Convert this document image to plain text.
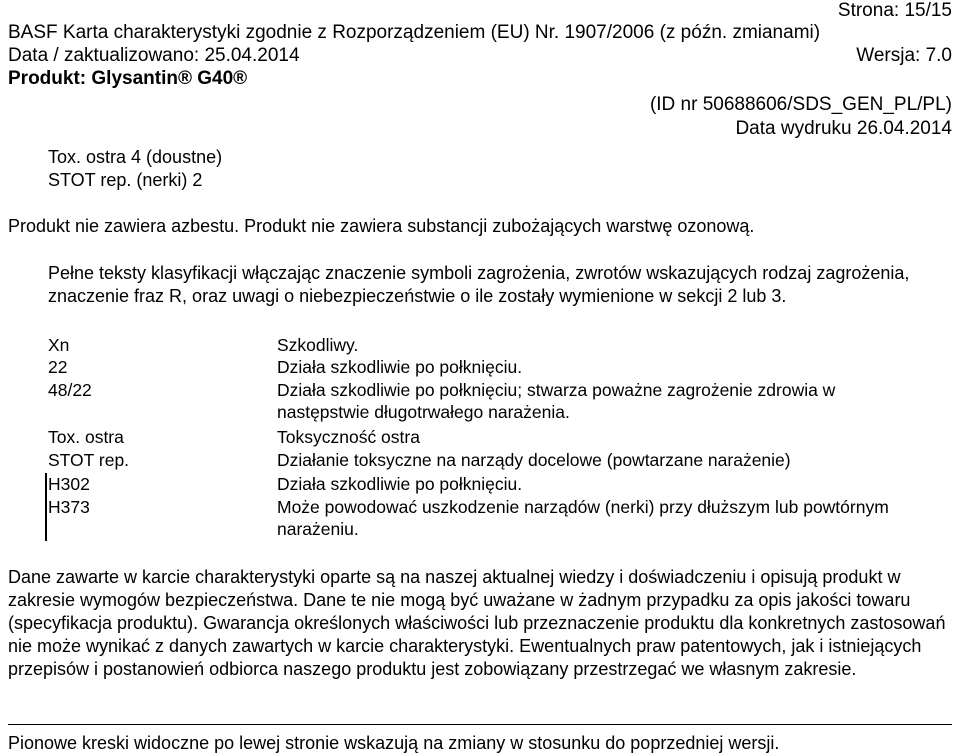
Strona: 15/15
BASF Karta charakterystyki zgodnie z Rozporządzeniem (EU) Nr. 1907/2006 (z późn. zmianami)
Data / zaktualizowano: 25.04.2014	Wersja: 7.0
Produkt: Glysantin® G40®
(ID nr 50688606/SDS_GEN_PL/PL)
Data wydruku 26.04.2014
Tox. ostra 4 (doustne)
STOT rep. (nerki) 2
Produkt nie zawiera azbestu. Produkt nie zawiera substancji zubożających warstwę ozonową.
Pełne teksty klasyfikacji włączając znaczenie symboli zagrożenia, zwrotów wskazujących rodzaj zagrożenia, znaczenie fraz R, oraz uwagi o niebezpieczeństwie o ile zostały wymienione w sekcji 2 lub 3.
Xn	Szkodliwy.
22	Działa szkodliwie po połknięciu.
48/22	Działa szkodliwie po połknięciu; stwarza poważne zagrożenie zdrowia w następstwie długotrwałego narażenia.
Tox. ostra	Toksyczność ostra
STOT rep.	Działanie toksyczne na narządy docelowe (powtarzane narażenie)
H302	Działa szkodliwie po połknięciu.
H373	Może powodować uszkodzenie narządów (nerki) przy dłuższym lub powtórnym narażeniu.
Dane zawarte w karcie charakterystyki oparte są na naszej aktualnej wiedzy i doświadczeniu i opisują produkt w zakresie wymogów bezpieczeństwa. Dane te nie mogą być uważane w żadnym przypadku za opis jakości towaru (specyfikacja produktu). Gwarancja określonych właściwości lub przeznaczenie produktu dla konkretnych zastosowań nie może wynikać z danych zawartych w karcie charakterystyki. Ewentualnych praw patentowych, jak i istniejących przepisów i postanowień odbiorca naszego produktu jest zobowiązany przestrzegać we własnym zakresie.
Pionowe kreski widoczne po lewej stronie wskazują na zmiany w stosunku do poprzedniej wersji.
